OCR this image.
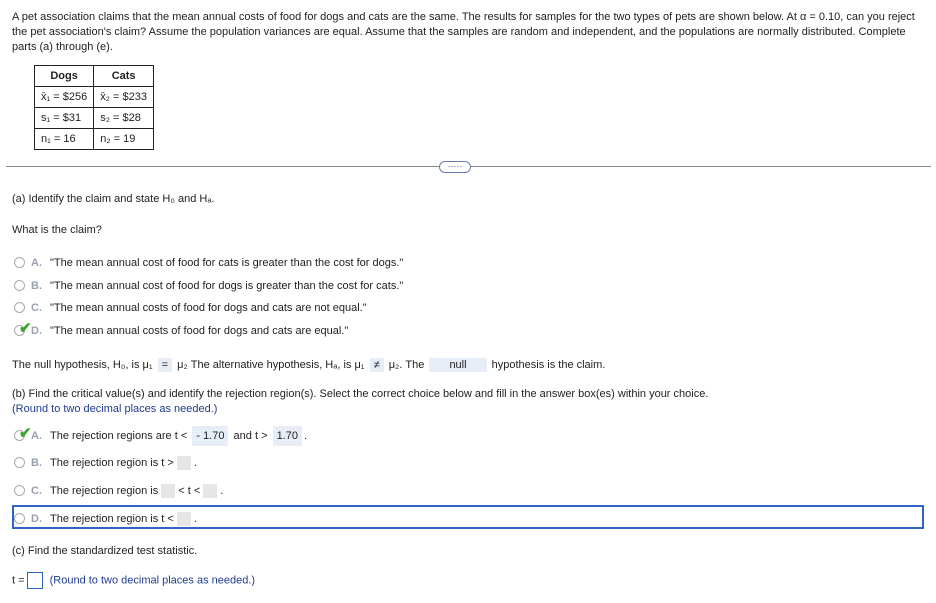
A pet association claims that the mean annual costs of food for dogs and cats are the same. The results for samples for the two types of pets are shown below. At α = 0.10, can you reject the pet association's claim? Assume the population variances are equal. Assume that the samples are random and independent, and the populations are normally distributed. Complete parts (a) through (e).
Dogs	Cats
x̄₁ = $256	x̄₂ = $233
s₁ = $31	s₂ = $28
n₁ = 16	n₂ = 19
·····
(a) Identify the claim and state H₀ and Hₐ.
What is the claim?
A. "The mean annual cost of food for cats is greater than the cost for dogs."
B. "The mean annual cost of food for dogs is greater than the cost for cats."
C. "The mean annual costs of food for dogs and cats are not equal."
✔ D. "The mean annual costs of food for dogs and cats are equal."
The null hypothesis, H₀, is μ₁ = μ₂ The alternative hypothesis, Hₐ, is μ₁ ≠ μ₂. The null hypothesis is the claim.
(b) Find the critical value(s) and identify the rejection region(s). Select the correct choice below and fill in the answer box(es) within your choice.
(Round to two decimal places as needed.)
✔ A. The rejection regions are t < - 1.70 and t > 1.70 .
B. The rejection region is t > .
C. The rejection region is < t < .
D. The rejection region is t < .
(c) Find the standardized test statistic.
t = (Round to two decimal places as needed.)
